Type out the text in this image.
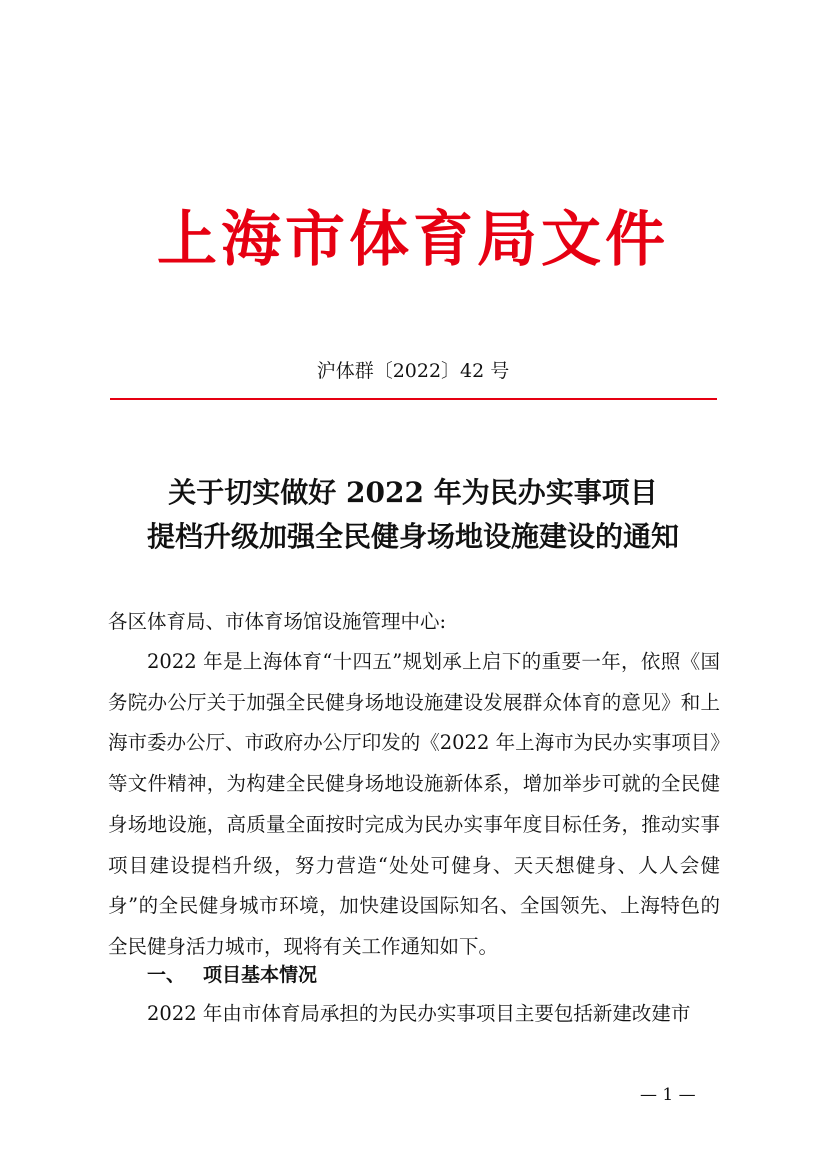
上海市体育局文件
沪体群〔2022〕42 号
关于切实做好 2022 年为民办实事项目
提档升级加强全民健身场地设施建设的通知
各区体育局、市体育场馆设施管理中心:
2022 年是上海体育“十四五”规划承上启下的重要一年，依照《国务院办公厅关于加强全民健身场地设施建设发展群众体育的意见》和上海市委办公厅、市政府办公厅印发的《2022 年上海市为民办实事项目》等文件精神，为构建全民健身场地设施新体系，增加举步可就的全民健身场地设施，高质量全面按时完成为民办实事年度目标任务，推动实事项目建设提档升级，努力营造“处处可健身、天天想健身、人人会健身”的全民健身城市环境，加快建设国际知名、全国领先、上海特色的全民健身活力城市，现将有关工作通知如下。
一、 项目基本情况
2022 年由市体育局承担的为民办实事项目主要包括新建改建市
— 1 —
